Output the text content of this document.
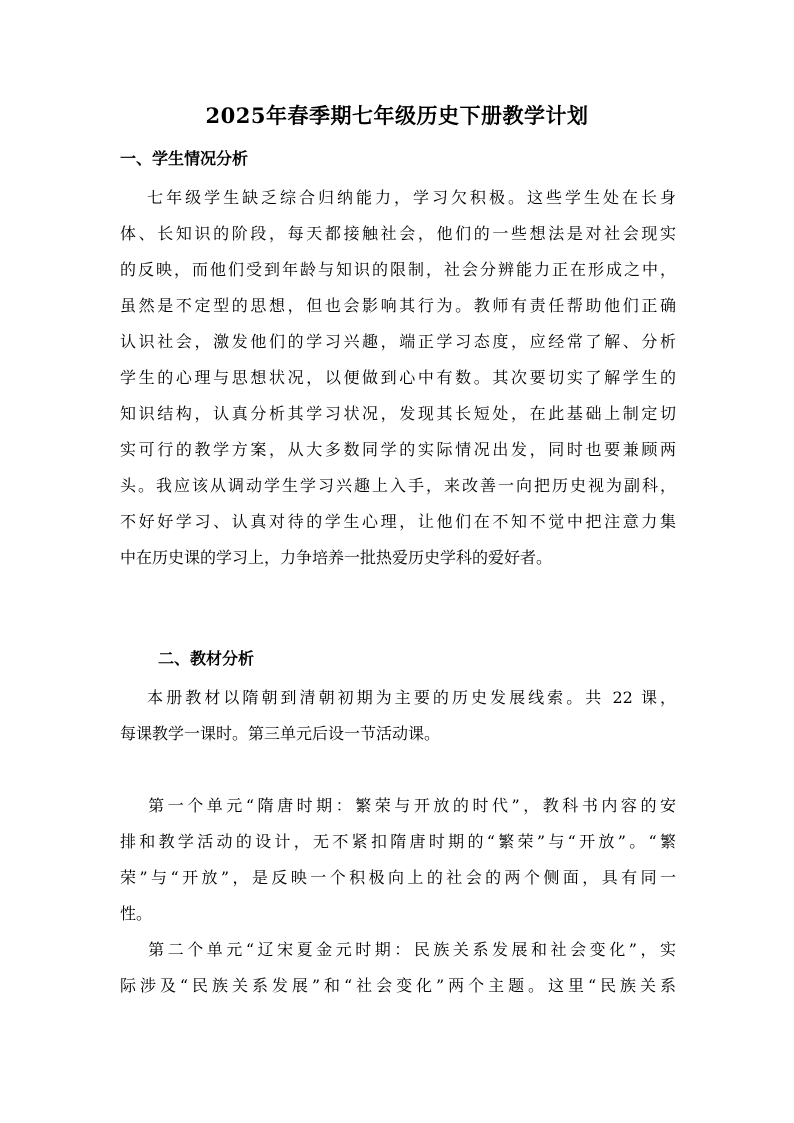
2025年春季期七年级历史下册教学计划
一、学生情况分析
　 七年级学生缺乏综合归纳能力，学习欠积极。这些学生处在长身
体、长知识的阶段，每天都接触社会，他们的一些想法是对社会现实
的反映，而他们受到年龄与知识的限制，社会分辨能力正在形成之中，
虽然是不定型的思想，但也会影响其行为。教师有责任帮助他们正确
认识社会，激发他们的学习兴趣，端正学习态度，应经常了解、分析
学生的心理与思想状况，以便做到心中有数。其次要切实了解学生的
知识结构，认真分析其学习状况，发现其长短处，在此基础上制定切
实可行的教学方案，从大多数同学的实际情况出发，同时也要兼顾两
头。我应该从调动学生学习兴趣上入手，来改善一向把历史视为副科，
不好好学习、认真对待的学生心理，让他们在不知不觉中把注意力集
中在历史课的学习上，力争培养一批热爱历史学科的爱好者。
二、教材分析
　 本册教材以隋朝到清朝初期为主要的历史发展线索。共 22 课，
每课教学一课时。第三单元后设一节活动课。
　 第一个单元“隋唐时期：繁荣与开放的时代”，教科书内容的安
排和教学活动的设计，无不紧扣隋唐时期的“繁荣”与“开放”。“繁
荣”与“开放”，是反映一个积极向上的社会的两个侧面，具有同一
性。
　 第二个单元“辽宋夏金元时期：民族关系发展和社会变化”，实
际涉及“民族关系发展”和“社会变化”两个主题。这里“民族关系
